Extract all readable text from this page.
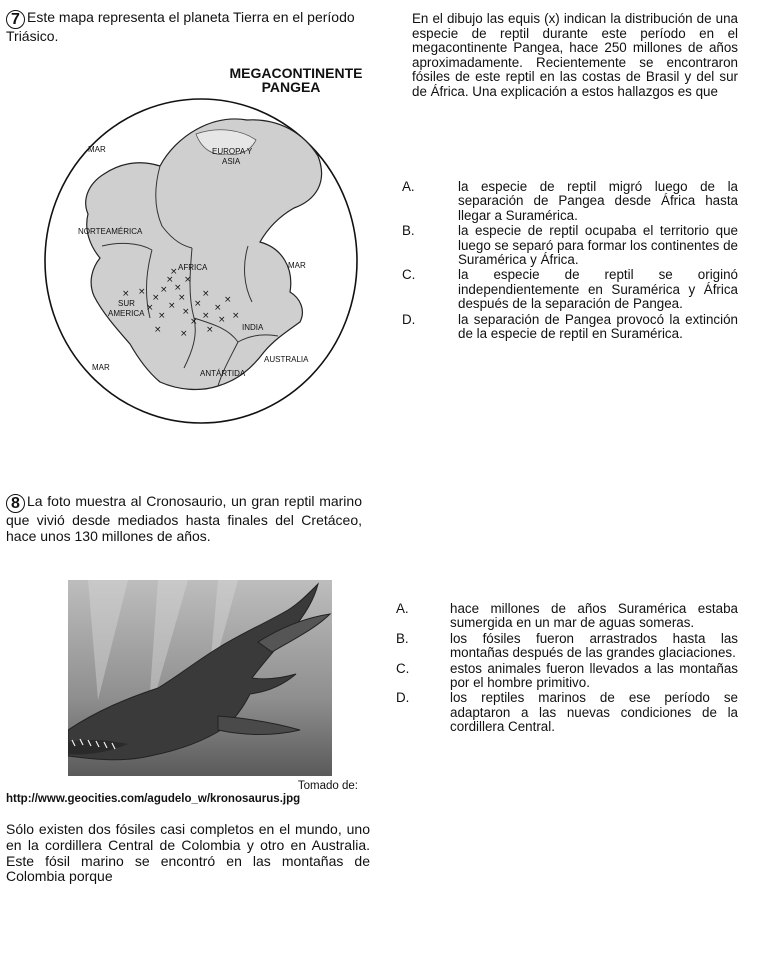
7 Este mapa representa el planeta Tierra en el período Triásico.

MEGACONTINENTE
PANGEA
MAR	EUROPA Y
ASIA
NORTEAMÉRICA
AFRICA	MAR
SUR
AMERICA
INDIA
MAR
AUSTRALIA
ANTÁRTIDA
× ×
×
×
×
×
×
×
×
×
×
×
×
×
×
×
×
× ×
×
×
×
×
×

En el dibujo las equis (x) indican la distribución de una especie de reptil durante este período en el megacontinente Pangea, hace 250 millones de años aproximadamente. Recientemente se encontraron fósiles de este reptil en las costas de Brasil y del sur de África. Una explicación a estos hallazgos es que

A.	la especie de reptil migró luego de la separación de Pangea desde África hasta llegar a Suramérica.
B.	la especie de reptil ocupaba el territorio que luego se separó para formar los continentes de Suramérica y África.
C.	la especie de reptil se originó independientemente en Suramérica y África después de la separación de Pangea.
D.	la separación de Pangea provocó la extinción de la especie de reptil en Suramérica.

8 La foto muestra al Cronosaurio, un gran reptil marino que vivió desde mediados hasta finales del Cretáceo, hace unos 130 millones de años.

Tomado de:
http://www.geocities.com/agudelo_w/kronosaurus.jpg

Sólo existen dos fósiles casi completos en el mundo, uno en la cordillera Central de Colombia y otro en Australia. Este fósil marino se encontró en las montañas de Colombia porque

A.	hace millones de años Suramérica estaba sumergida en un mar de aguas someras.
B.	los fósiles fueron arrastrados hasta las montañas después de las grandes glaciaciones.
C.	estos animales fueron llevados a las montañas por el hombre primitivo.
D.	los reptiles marinos de ese período se adaptaron a las nuevas condiciones de la cordillera Central.
